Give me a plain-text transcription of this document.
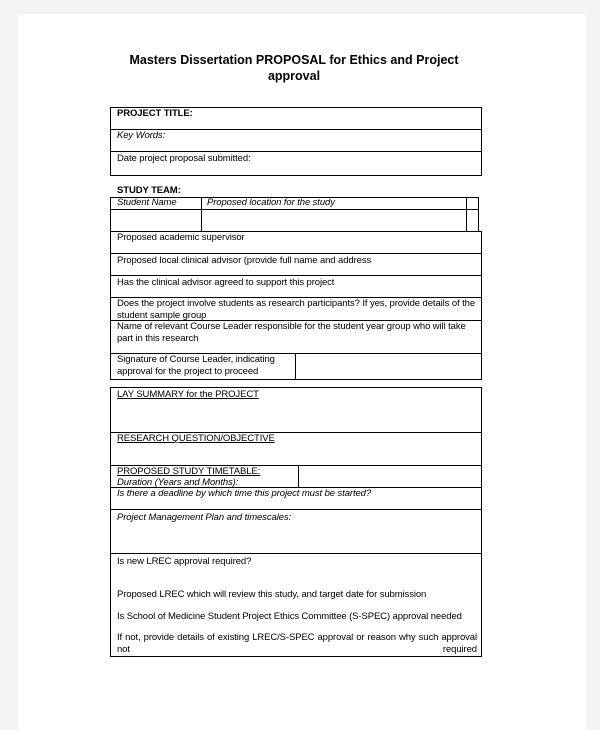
Masters Dissertation PROPOSAL for Ethics and Project approval
PROJECT TITLE:
Key Words:
Date project proposal submitted:
STUDY TEAM:
Student Name	Proposed location for the study
Proposed academic supervisor
Proposed local clinical advisor (provide full name and address
Has the clinical advisor agreed to support this project
Does the project involve students as research participants? If yes, provide details of the student sample group
Name of relevant Course Leader responsible for the student year group who will take part in this research
Signature of Course Leader, indicating approval for the project to proceed
LAY SUMMARY for the PROJECT
RESEARCH QUESTION/OBJECTIVE
PROPOSED STUDY TIMETABLE:
Duration (Years and Months):
Is there a deadline by which time this project must be started?
Project Management Plan and timescales:
Is new LREC approval required?
Proposed LREC which will review this study, and target date for submission
Is School of Medicine Student Project Ethics Committee (S-SPEC) approval needed
If not, provide details of existing LREC/S-SPEC approval or reason why such approval not required
